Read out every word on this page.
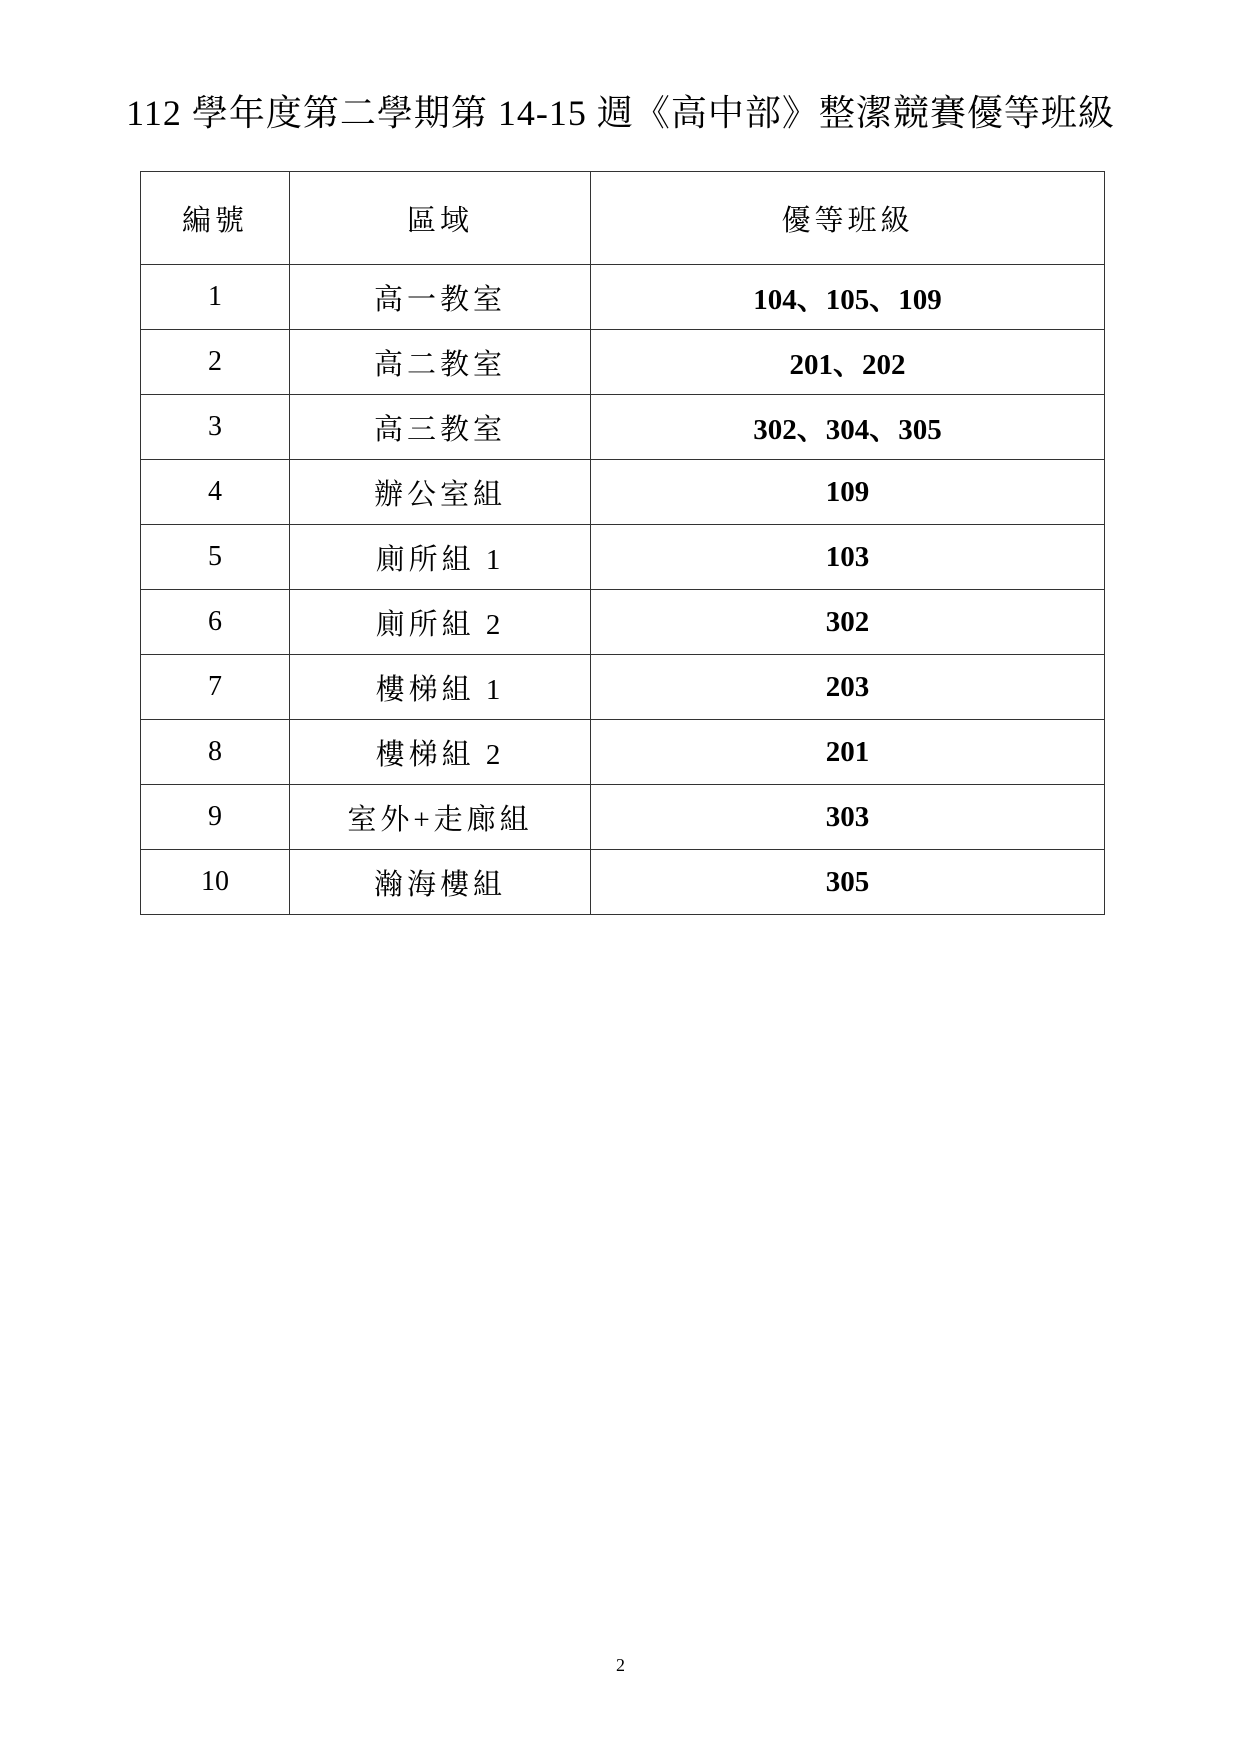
112 學年度第二學期第 14-15 週《高中部》整潔競賽優等班級
編號	區域	優等班級
1	高一教室	104、105、109
2	高二教室	201、202
3	高三教室	302、304、305
4	辦公室組	109
5	廁所組 1	103
6	廁所組 2	302
7	樓梯組 1	203
8	樓梯組 2	201
9	室外+走廊組	303
10	瀚海樓組	305
2
